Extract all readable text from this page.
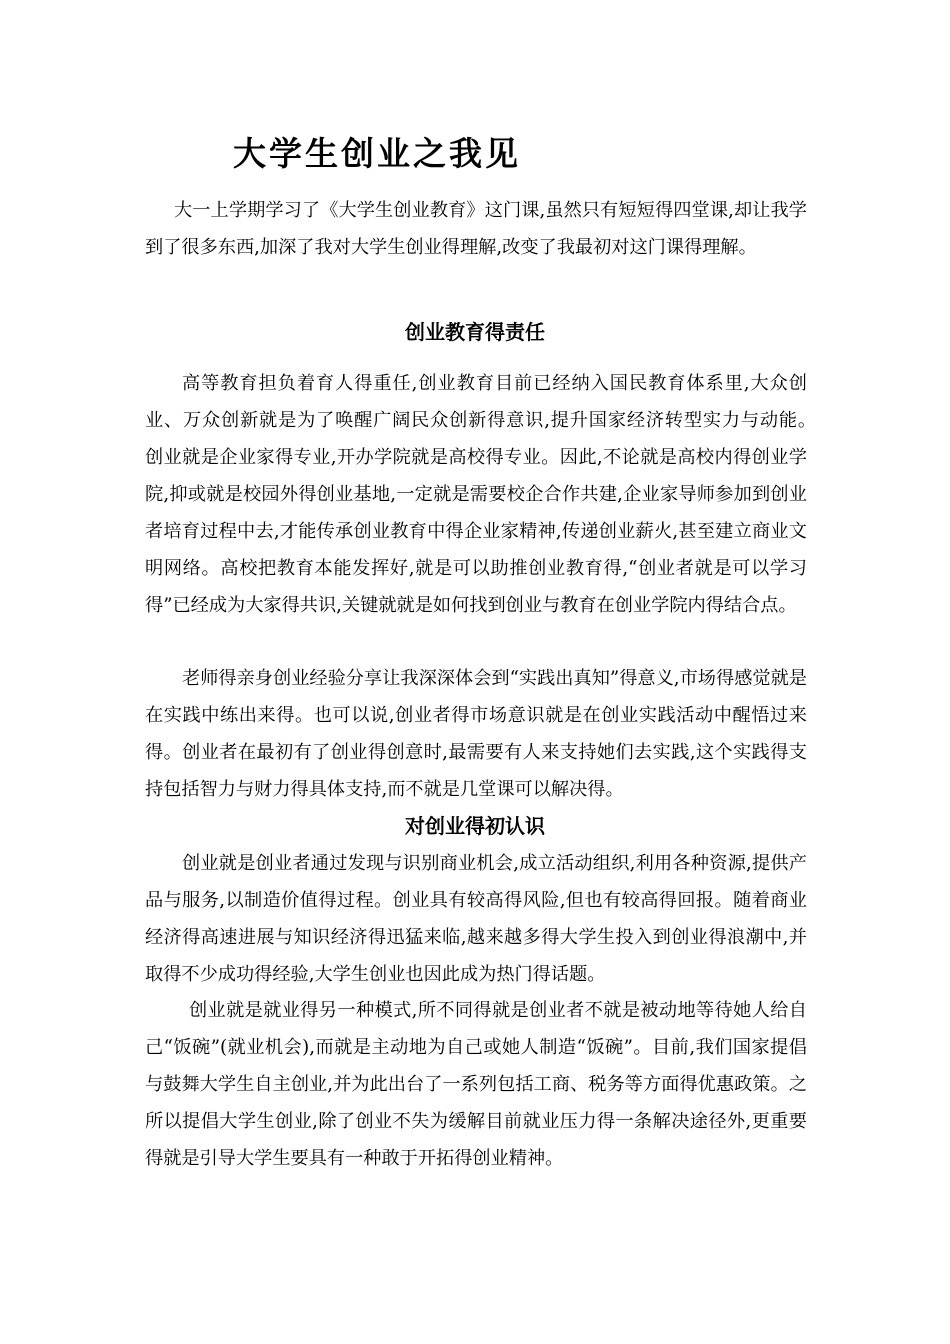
大学生创业之我见

大一上学期学习了《大学生创业教育》这门课,虽然只有短短得四堂课,却让我学到了很多东西,加深了我对大学生创业得理解,改变了我最初对这门课得理解。

创业教育得责任

高等教育担负着育人得重任,创业教育目前已经纳入国民教育体系里,大众创业、万众创新就是为了唤醒广阔民众创新得意识,提升国家经济转型实力与动能。　　创业就是企业家得专业,开办学院就是高校得专业。因此,不论就是高校内得创业学院,抑或就是校园外得创业基地,一定就是需要校企合作共建,企业家导师参加到创业者培育过程中去,才能传承创业教育中得企业家精神,传递创业薪火,甚至建立商业文明网络。高校把教育本能发挥好,就是可以助推创业教育得,“创业者就是可以学习得”已经成为大家得共识,关键就就是如何找到创业与教育在创业学院内得结合点。

老师得亲身创业经验分享让我深深体会到“实践出真知”得意义,市场得感觉就是在实践中练出来得。也可以说,创业者得市场意识就是在创业实践活动中醒悟过来得。创业者在最初有了创业得创意时,最需要有人来支持她们去实践,这个实践得支持包括智力与财力得具体支持,而不就是几堂课可以解决得。

对创业得初认识

创业就是创业者通过发现与识别商业机会,成立活动组织,利用各种资源,提供产品与服务,以制造价值得过程。创业具有较高得风险,但也有较高得回报。随着商业经济得高速进展与知识经济得迅猛来临,越来越多得大学生投入到创业得浪潮中,并取得不少成功得经验,大学生创业也因此成为热门得话题。

创业就是就业得另一种模式,所不同得就是创业者不就是被动地等待她人给自己“饭碗”(就业机会),而就是主动地为自己或她人制造“饭碗”。目前,我们国家提倡与鼓舞大学生自主创业,并为此出台了一系列包括工商、税务等方面得优惠政策。之所以提倡大学生创业,除了创业不失为缓解目前就业压力得一条解决途径外,更重要得就是引导大学生要具有一种敢于开拓得创业精神。
